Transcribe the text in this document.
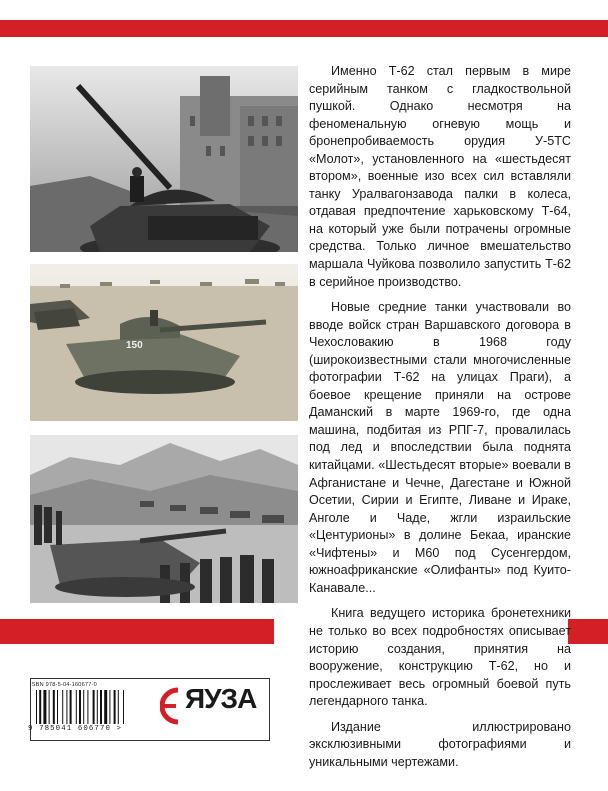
150

Именно Т-62 стал первым в мире серийным танком с гладкоствольной пушкой. Однако несмотря на феноменальную огневую мощь и бронепробиваемость орудия У-5ТС «Молот», установленного на «шестьдесят втором», военные изо всех сил вставляли танку Уралвагонзавода палки в колеса, отдавая предпочтение харьковскому Т-64, на который уже были потрачены огромные средства. Только личное вмешательство маршала Чуйкова позволило запустить Т-62 в серийное производство.

Новые средние танки участвовали во вводе войск стран Варшавского договора в Чехословакию в 1968 году (широкоизвестными стали многочисленные фотографии Т-62 на улицах Праги), а боевое крещение приняли на острове Даманский в марте 1969-го, где одна машина, подбитая из РПГ-7, провалилась под лед и впоследствии была поднята китайцами. «Шестьдесят вторые» воевали в Афганистане и Чечне, Дагестане и Южной Осетии, Сирии и Египте, Ливане и Ираке, Анголе и Чаде, жгли израильские «Центурионы» в долине Бекаа, иранские «Чифтены» и М60 под Сусенгердом, южноафриканские «Олифанты» под Куито-Канавале...

Книга ведущего историка бронетехники не только во всех подробностях описывает историю создания, принятия на вооружение, конструкцию Т-62, но и прослеживает весь огромный боевой путь легендарного танка.

Издание иллюстрировано эксклюзивными фотографиями и уникальными чертежами.

ISBN 978-5-04-160677-0
9 785041 606770 >
ЯУЗА
